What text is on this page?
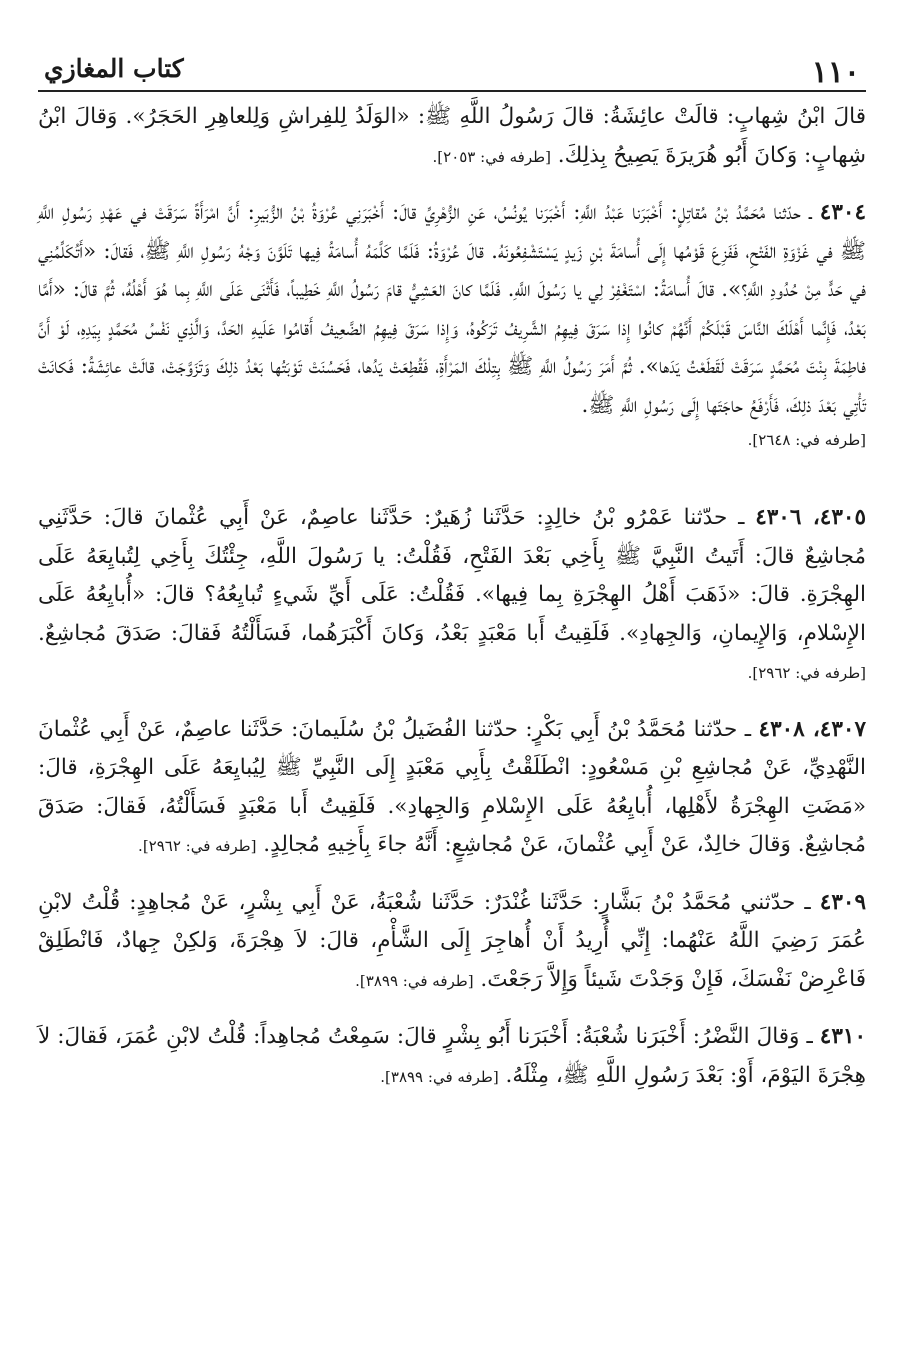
١١٠
كتاب المغازي

قالَ ابْنُ شِهابٍ: قالَتْ عائِشَةُ: قالَ رَسُولُ اللَّهِ ﷺ: «الوَلَدُ لِلفِراشِ وَلِلعاهِرِ الحَجَرُ». وَقالَ ابْنُ شِهابٍ: وَكانَ أَبُو هُرَيرَةَ يَصِيحُ بِذلِكَ. [طرفه في: ٢٠٥٣].

٤٣٠٤ ـ حدّثنا مُحَمَّدُ بْنُ مُقاتِلٍ: أَخْبَرَنا عَبْدُ اللَّهِ: أَخْبَرَنا يُونُسُ، عَنِ الزُّهْرِيِّ قالَ: أَخْبَرَنِي عُرْوَةُ بْنُ الزُّبَيرِ: أَنَّ امْرَأَةً سَرَقَتْ في عَهْدِ رَسُولِ اللَّهِ ﷺ في غَزْوَةِ الفَتْحِ، فَفَزِعَ قَوْمُها إِلَى أُسامَةَ بْنِ زَيدٍ يَسْتَشْفِعُونَهُ. قالَ عُرْوَةُ: فَلَمَّا كَلَّمَهُ أُسامَةُ فِيها تَلَوَّنَ وَجْهُ رَسُولِ اللَّهِ ﷺ، فَقالَ: «أَتُكَلِّمُنِي في حَدٍّ مِنْ حُدُودِ اللَّهِ؟». قالَ أُسامَةُ: اسْتَغْفِرْ لِي يا رَسُولَ اللَّهِ. فَلَمَّا كانَ العَشِيُّ قامَ رَسُولُ اللَّهِ خَطِيباً، فَأَثْنَى عَلَى اللَّهِ بِما هُوَ أَهْلُهُ، ثُمَّ قالَ: «أَمَّا بَعْدُ، فَإِنَّما أَهْلَكَ النَّاسَ قَبْلَكُمْ أَنَّهُمْ كانُوا إِذا سَرَقَ فِيهِمُ الشَّرِيفُ تَرَكُوهُ، وَإِذا سَرَقَ فِيهِمُ الضَّعِيفُ أَقامُوا عَلَيهِ الحَدَّ، وَالَّذِي نَفْسُ مُحَمَّدٍ بِيَدِهِ، لَوْ أَنَّ فاطِمَةَ بِنْتَ مُحَمَّدٍ سَرَقَتْ لَقَطَعْتُ يَدَها». ثُمَّ أَمَرَ رَسُولُ اللَّهِ ﷺ بِتِلْكَ المَرْأَةِ، فَقُطِعَتْ يَدُها، فَحَسُنَتْ تَوْبَتُها بَعْدُ ذلِكَ وَتَزَوَّجَتْ، قالَتْ عائِشَةُ: فَكانَتْ تَأْتِي بَعْدَ ذلِكَ، فَأَرْفَعُ حاجَتَها إِلَى رَسُولِ اللَّهِ ﷺ.
[طرفه في: ٢٦٤٨].

٤٣٠٥، ٤٣٠٦ ـ حدّثنا عَمْرُو بْنُ خالِدٍ: حَدَّثَنا زُهَيرٌ: حَدَّثَنا عاصِمٌ، عَنْ أَبِي عُثْمانَ قالَ: حَدَّثَنِي مُجاشِعٌ قالَ: أَتَيتُ النَّبِيَّ ﷺ بِأَخِي بَعْدَ الفَتْحِ، فَقُلْتُ: يا رَسُولَ اللَّهِ، جِئْتُكَ بِأَخِي لِتُبايِعَهُ عَلَى الهِجْرَةِ. قالَ: «ذَهَبَ أَهْلُ الهِجْرَةِ بِما فِيها». فَقُلْتُ: عَلَى أَيِّ شَيءٍ تُبايِعُهُ؟ قالَ: «أُبايِعُهُ عَلَى الإِسْلامِ، وَالإِيمانِ، وَالجِهادِ». فَلَقِيتُ أَبا مَعْبَدٍ بَعْدُ، وَكانَ أَكْبَرَهُما، فَسَأَلْتُهُ فَقالَ: صَدَقَ مُجاشِعٌ. [طرفه في: ٢٩٦٢].

٤٣٠٧، ٤٣٠٨ ـ حدّثنا مُحَمَّدُ بْنُ أَبِي بَكْرٍ: حدّثنا الفُضَيلُ بْنُ سُلَيمانَ: حَدَّثَنا عاصِمٌ، عَنْ أَبِي عُثْمانَ النَّهْدِيِّ، عَنْ مُجاشِعِ بْنِ مَسْعُودٍ: انْطَلَقْتُ بِأَبِي مَعْبَدٍ إِلَى النَّبِيِّ ﷺ لِيُبايِعَهُ عَلَى الهِجْرَةِ، قالَ: «مَضَتِ الهِجْرَةُ لأَهْلِها، أُبايِعُهُ عَلَى الإِسْلامِ وَالجِهادِ». فَلَقِيتُ أَبا مَعْبَدٍ فَسَأَلْتُهُ، فَقالَ: صَدَقَ مُجاشِعٌ. وَقالَ خالِدٌ، عَنْ أَبِي عُثْمانَ، عَنْ مُجاشِعٍ: أَنَّهُ جاءَ بِأَخِيهِ مُجالِدٍ. [طرفه في: ٢٩٦٢].

٤٣٠٩ ـ حدّثني مُحَمَّدُ بْنُ بَشَّارٍ: حَدَّثَنا غُنْدَرٌ: حَدَّثَنا شُعْبَةُ، عَنْ أَبِي بِشْرٍ، عَنْ مُجاهِدٍ: قُلْتُ لابْنِ عُمَرَ رَضِيَ اللَّهُ عَنْهُما: إِنِّي أُرِيدُ أَنْ أُهاجِرَ إِلَى الشَّأْمِ، قالَ: لاَ هِجْرَةَ، وَلكِنْ جِهادٌ، فَانْطَلِقْ فَاعْرِضْ نَفْسَكَ، فَإِنْ وَجَدْتَ شَيئاً وَإِلاَّ رَجَعْتَ. [طرفه في: ٣٨٩٩].

٤٣١٠ ـ وَقالَ النَّضْرُ: أَخْبَرَنا شُعْبَةُ: أَخْبَرَنا أَبُو بِشْرٍ قالَ: سَمِعْتُ مُجاهِداً: قُلْتُ لابْنِ عُمَرَ، فَقالَ: لاَ هِجْرَةَ اليَوْمَ، أَوْ: بَعْدَ رَسُولِ اللَّهِ ﷺ، مِثْلَهُ. [طرفه في: ٣٨٩٩].
